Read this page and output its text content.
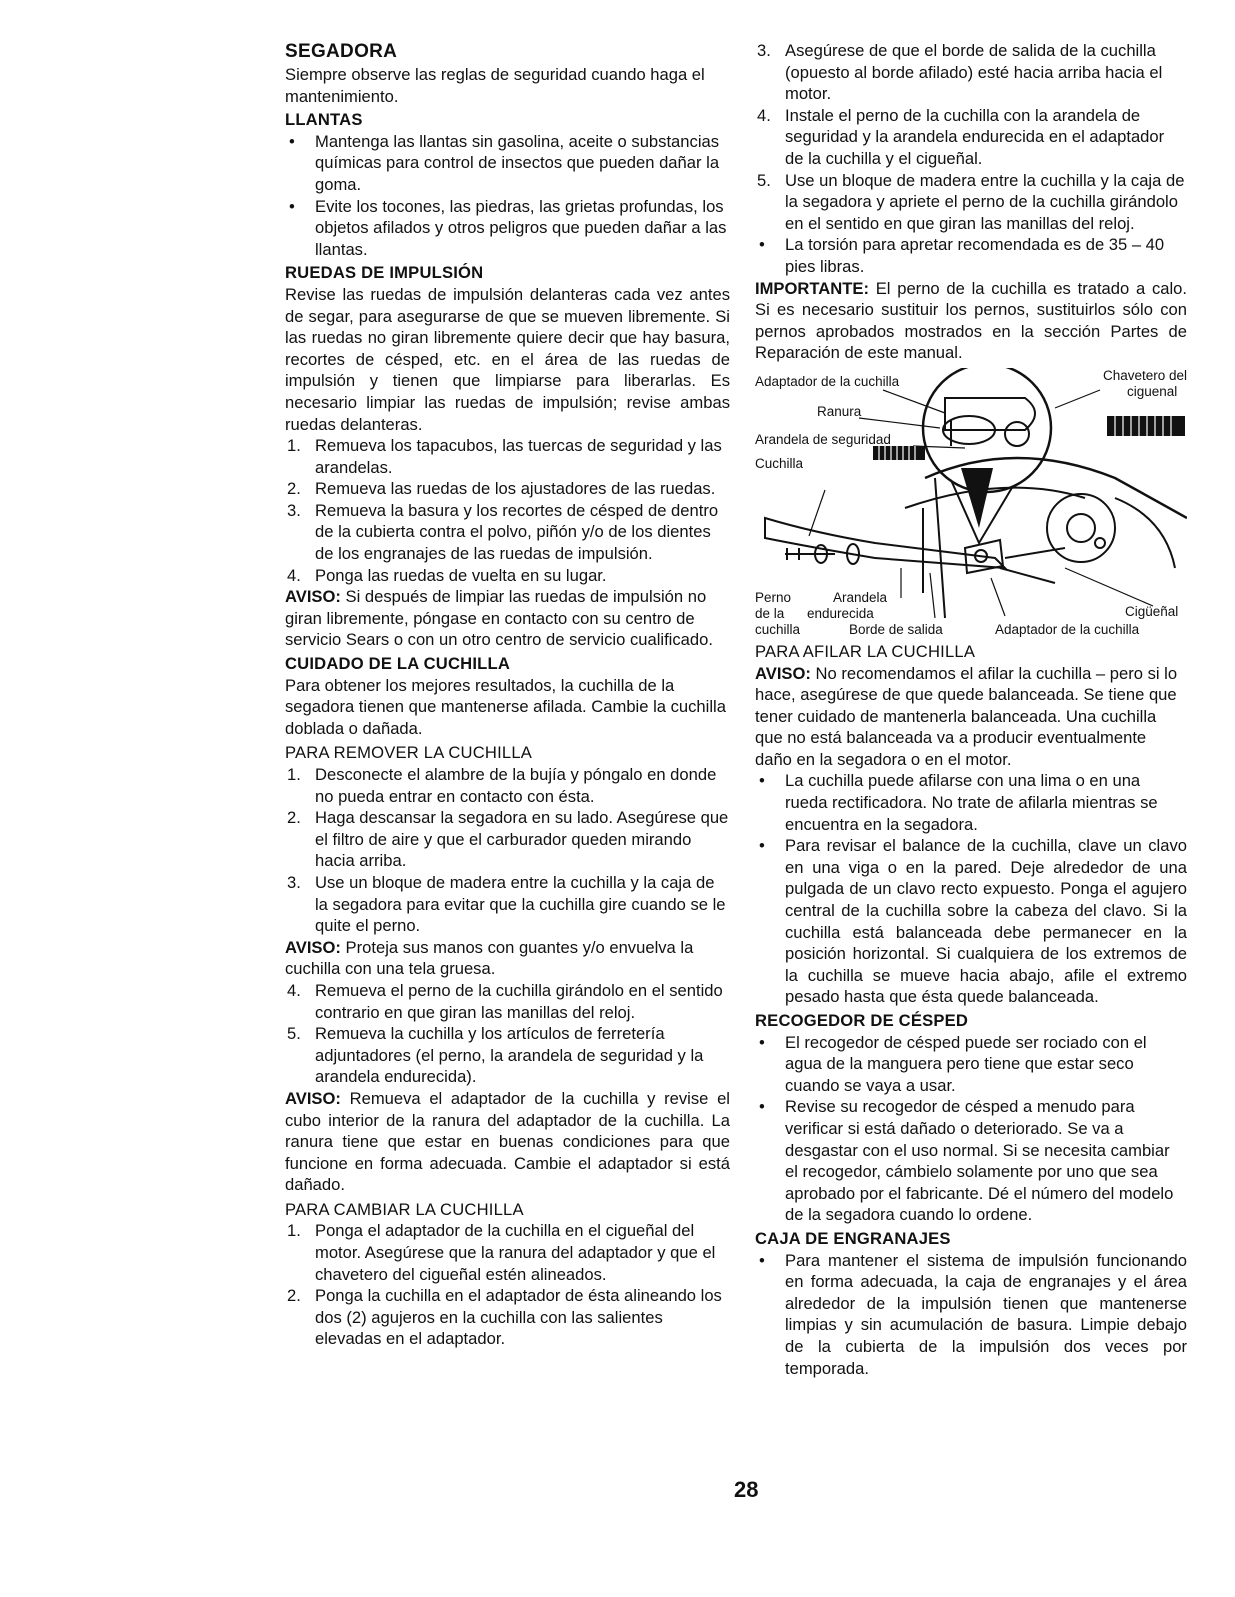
SEGADORA

Siempre observe las reglas de seguridad cuando haga el mantenimiento.

LLANTAS

• Mantenga las llantas sin gasolina, aceite o substancias químicas para control de insectos que pueden dañar la goma.
• Evite los tocones, las piedras, las grietas profundas, los objetos afilados y otros peligros que pueden dañar a las llantas.

RUEDAS DE IMPULSIÓN

Revise las ruedas de impulsión delanteras cada vez antes de segar, para asegurarse de que se mueven libremente. Si las ruedas no giran libremente quiere decir que hay basura, recortes de césped, etc. en el área de las ruedas de impulsión y tienen que limpiarse para liberarlas. Es necesario limpiar las ruedas de impulsión; revise ambas ruedas delanteras.

1. Remueva los tapacubos, las tuercas de seguridad y las arandelas.
2. Remueva las ruedas de los ajustadores de las ruedas.
3. Remueva la basura y los recortes de césped de dentro de la cubierta contra el polvo, piñón y/o de los dientes de los engranajes de las ruedas de impulsión.
4. Ponga las ruedas de vuelta en su lugar.

AVISO: Si después de limpiar las ruedas de impulsión no giran libremente, póngase en contacto con su centro de servicio Sears o con un otro centro de servicio cualificado.

CUIDADO DE LA CUCHILLA

Para obtener los mejores resultados, la cuchilla de la segadora tienen que mantenerse afilada. Cambie la cuchilla doblada o dañada.

PARA REMOVER LA CUCHILLA

1. Desconecte el alambre de la bujía y póngalo en donde no pueda entrar en contacto con ésta.
2. Haga descansar la segadora en su lado. Asegúrese que el filtro de aire y que el carburador queden mirando hacia arriba.
3. Use un bloque de madera entre la cuchilla y la caja de la segadora para evitar que la cuchilla gire cuando se le quite el perno.

AVISO: Proteja sus manos con guantes y/o envuelva la cuchilla con una tela gruesa.

4. Remueva el perno de la cuchilla girándolo en el sentido contrario en que giran las manillas del reloj.
5. Remueva la cuchilla y los artículos de ferretería adjuntadores (el perno, la arandela de seguridad y la arandela endurecida).

AVISO: Remueva el adaptador de la cuchilla y revise el cubo interior de la ranura del adaptador de la cuchilla. La ranura tiene que estar en buenas condiciones para que funcione en forma adecuada. Cambie el adaptador si está dañado.

PARA CAMBIAR LA CUCHILLA

1. Ponga el adaptador de la cuchilla en el cigueñal del motor. Asegúrese que la ranura del adaptador y que el chavetero del cigueñal estén alineados.
2. Ponga la cuchilla en el adaptador de ésta alineando los dos (2) agujeros en la cuchilla con las salientes elevadas en el adaptador.
3. Asegúrese de que el borde de salida de la cuchilla (opuesto al borde afilado) esté hacia arriba hacia el motor.
4. Instale el perno de la cuchilla con la arandela de seguridad y la arandela endurecida en el adaptador de la cuchilla y el cigueñal.
5. Use un bloque de madera entre la cuchilla y la caja de la segadora y apriete el perno de la cuchilla girándolo en el sentido en que giran las manillas del reloj.
• La torsión para apretar recomendada es de 35 – 40 pies libras.

IMPORTANTE: El perno de la cuchilla es tratado a calo. Si es necesario sustituir los pernos, sustituirlos sólo con pernos aprobados mostrados en la sección Partes de Reparación de este manual.

Adaptador de la cuchilla	Chavetero del
ciguenal
Ranura
Arandela de seguridad
Cuchilla
Perno
de la
cuchilla
Arandela
endurecida
Borde de salida	Adaptador de la cuchilla
Cigüeñal

PARA AFILAR LA CUCHILLA

AVISO: No recomendamos el afilar la cuchilla – pero si lo hace, asegúrese de que quede balanceada. Se tiene que tener cuidado de mantenerla balanceada. Una cuchilla que no está balanceada va a producir eventualmente daño en la segadora o en el motor.

• La cuchilla puede afilarse con una lima o en una rueda rectificadora. No trate de afilarla mientras se encuentra en la segadora.
• Para revisar el balance de la cuchilla, clave un clavo en una viga o en la pared. Deje alrededor de una pulgada de un clavo recto expuesto. Ponga el agujero central de la cuchilla sobre la cabeza del clavo. Si la cuchilla está balanceada debe permanecer en la posición horizontal. Si cualquiera de los extremos de la cuchilla se mueve hacia abajo, afile el extremo pesado hasta que ésta quede balanceada.

RECOGEDOR DE CÉSPED

• El recogedor de césped puede ser rociado con el agua de la manguera pero tiene que estar seco cuando se vaya a usar.
• Revise su recogedor de césped a menudo para verificar si está dañado o deteriorado. Se va a desgastar con el uso normal. Si se necesita cambiar el recogedor, cámbielo solamente por uno que sea aprobado por el fabricante. Dé el número del modelo de la segadora cuando lo ordene.

CAJA DE ENGRANAJES

• Para mantener el sistema de impulsión funcionando en forma adecuada, la caja de engranajes y el área alrededor de la impulsión tienen que mantenerse limpias y sin acumulación de basura. Limpie debajo de la cubierta de la impulsión dos veces por temporada.
28
